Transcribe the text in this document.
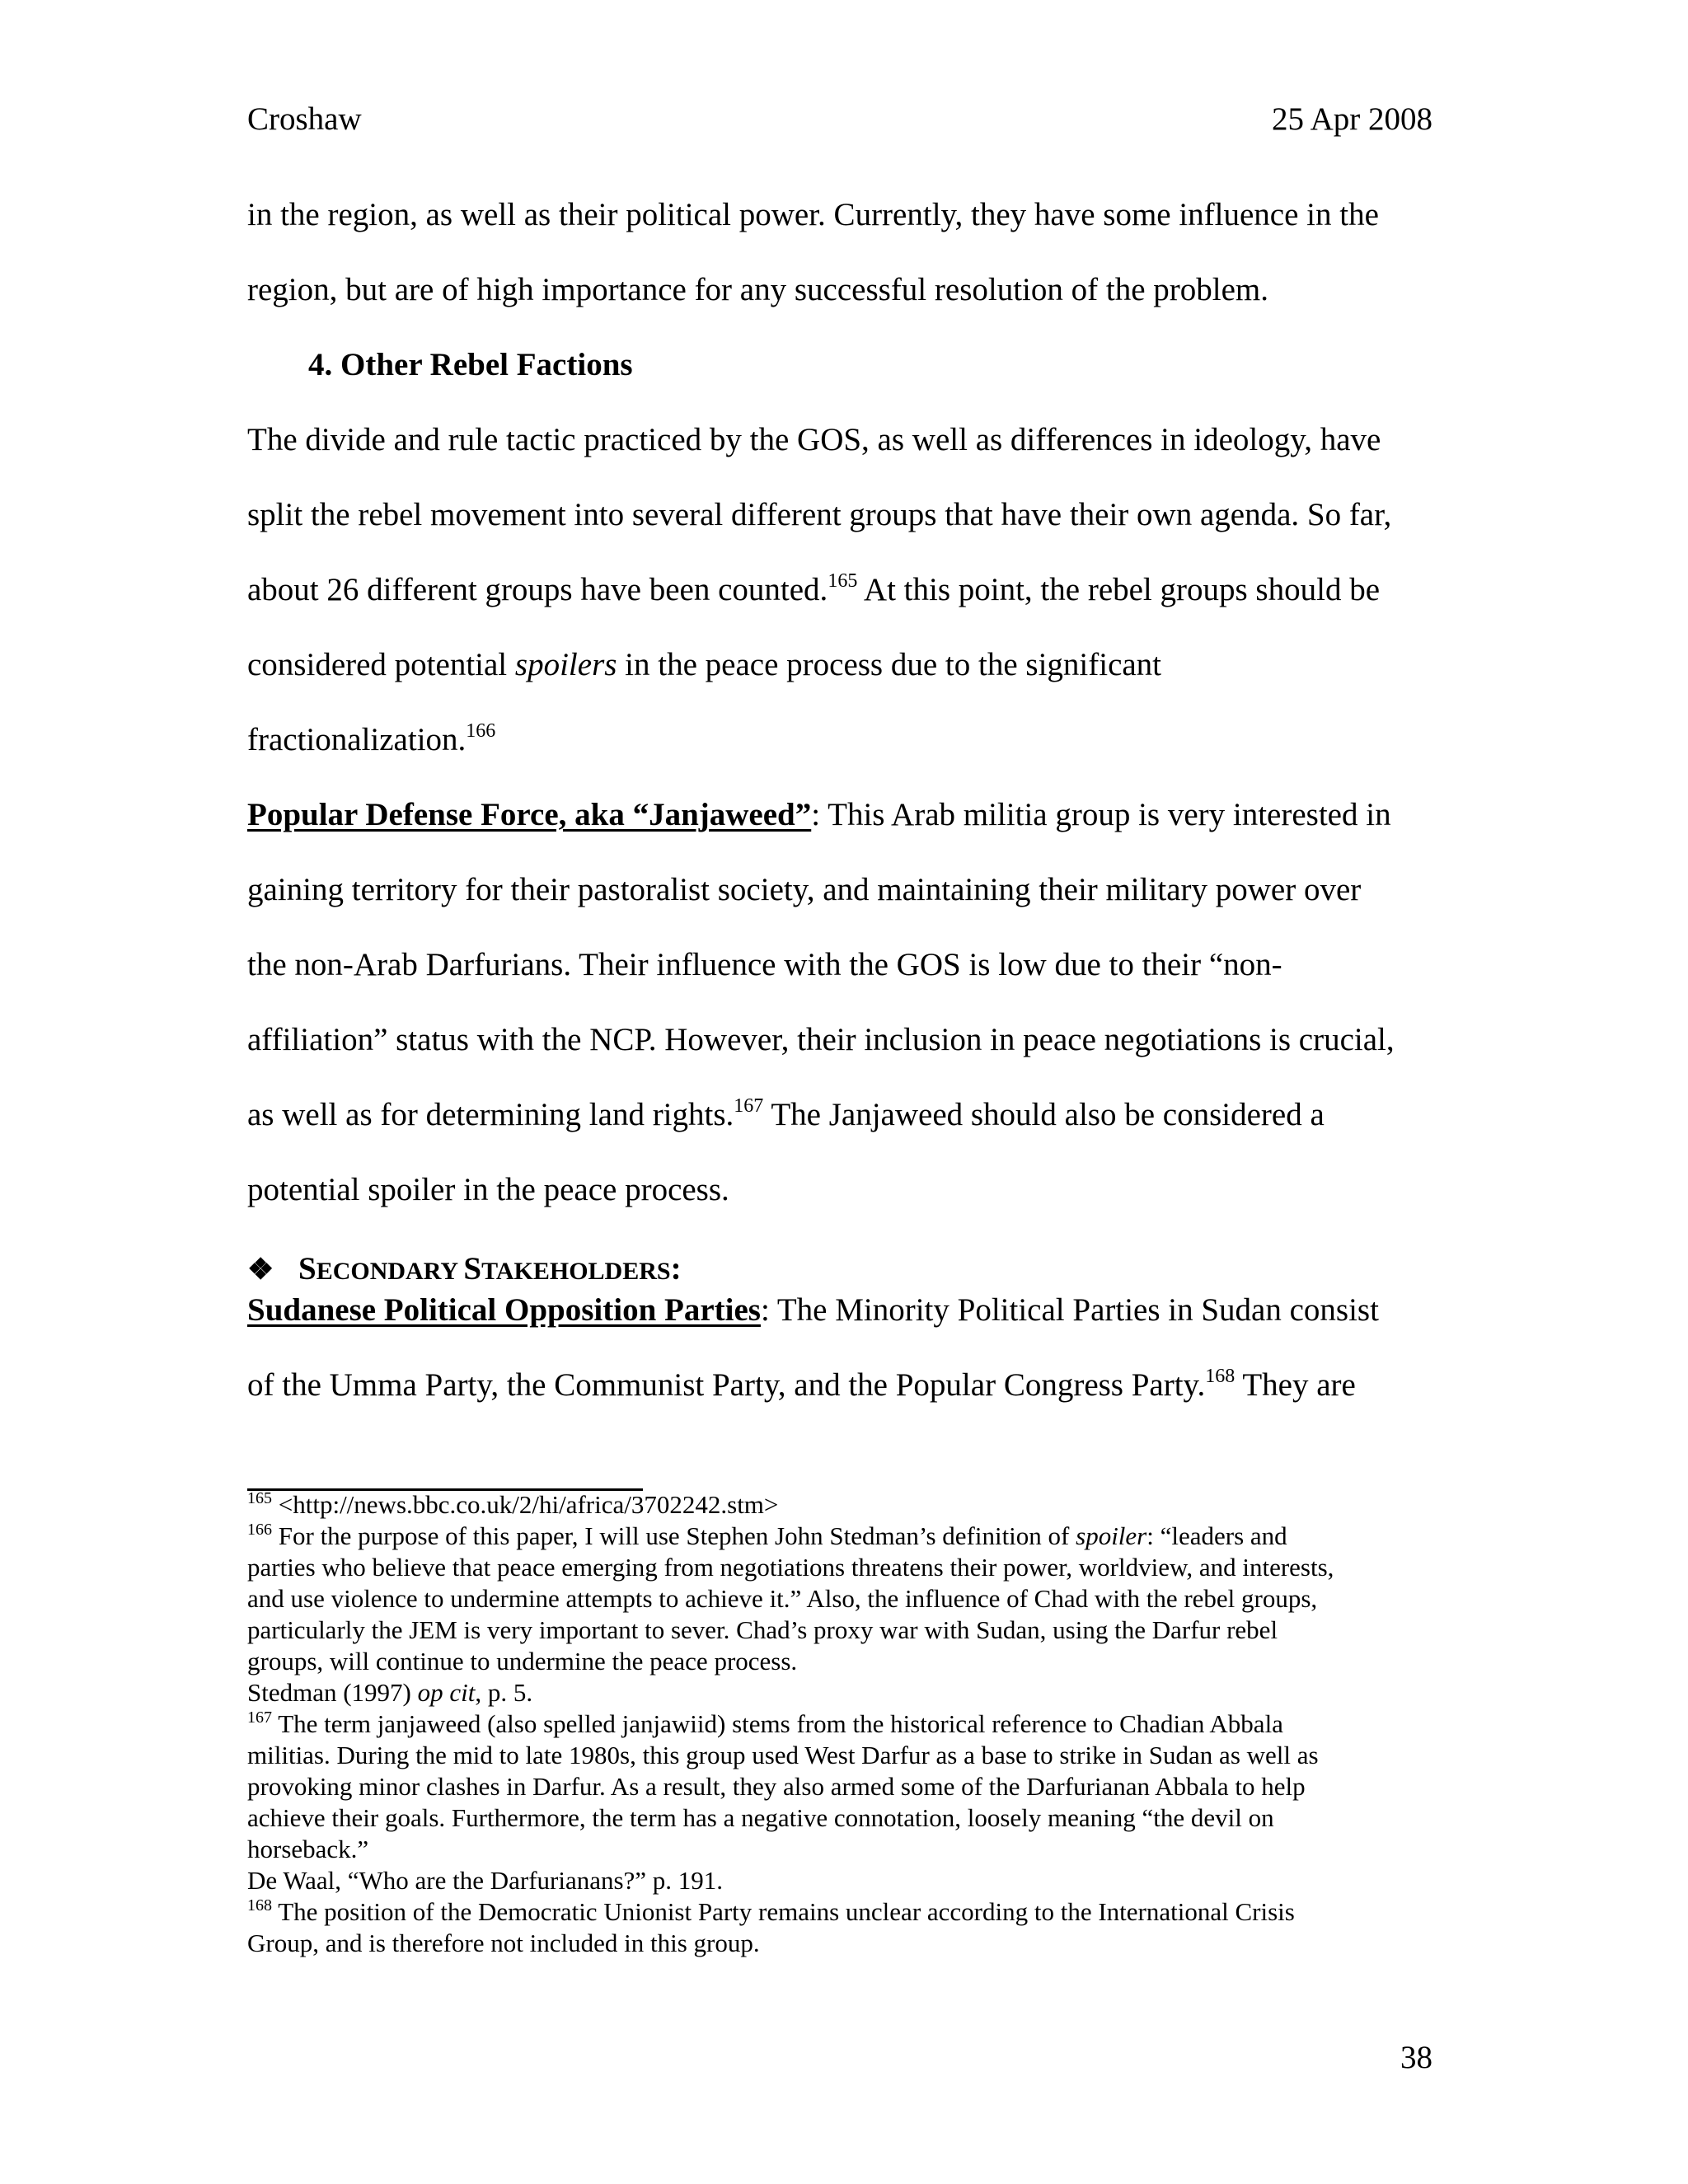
Croshaw	25 Apr 2008
in the region, as well as their political power. Currently, they have some influence in the
region, but are of high importance for any successful resolution of the problem.
4. Other Rebel Factions
The divide and rule tactic practiced by the GOS, as well as differences in ideology, have
split the rebel movement into several different groups that have their own agenda. So far,
about 26 different groups have been counted.$^{165}$ At this point, the rebel groups should be
considered potential spoilers in the peace process due to the significant
fractionalization.$^{166}$
Popular Defense Force, aka “Janjaweed”: This Arab militia group is very interested in
gaining territory for their pastoralist society, and maintaining their military power over
the non-Arab Darfurians. Their influence with the GOS is low due to their “non-
affiliation” status with the NCP. However, their inclusion in peace negotiations is crucial,
as well as for determining land rights.$^{167}$ The Janjaweed should also be considered a
potential spoiler in the peace process.
❖ SECONDARY STAKEHOLDERS:
Sudanese Political Opposition Parties: The Minority Political Parties in Sudan consist
of the Umma Party, the Communist Party, and the Popular Congress Party.$^{168}$ They are
$^{165}$ <http://news.bbc.co.uk/2/hi/africa/3702242.stm>
$^{166}$ For the purpose of this paper, I will use Stephen John Stedman’s definition of spoiler: “leaders and
parties who believe that peace emerging from negotiations threatens their power, worldview, and interests,
and use violence to undermine attempts to achieve it.” Also, the influence of Chad with the rebel groups,
particularly the JEM is very important to sever. Chad’s proxy war with Sudan, using the Darfur rebel
groups, will continue to undermine the peace process.
Stedman (1997) op cit, p. 5.
$^{167}$ The term janjaweed (also spelled janjawiid) stems from the historical reference to Chadian Abbala
militias. During the mid to late 1980s, this group used West Darfur as a base to strike in Sudan as well as
provoking minor clashes in Darfur. As a result, they also armed some of the Darfurianan Abbala to help
achieve their goals. Furthermore, the term has a negative connotation, loosely meaning “the devil on
horseback.”
De Waal, “Who are the Darfurianans?” p. 191.
$^{168}$ The position of the Democratic Unionist Party remains unclear according to the International Crisis
Group, and is therefore not included in this group.
38
